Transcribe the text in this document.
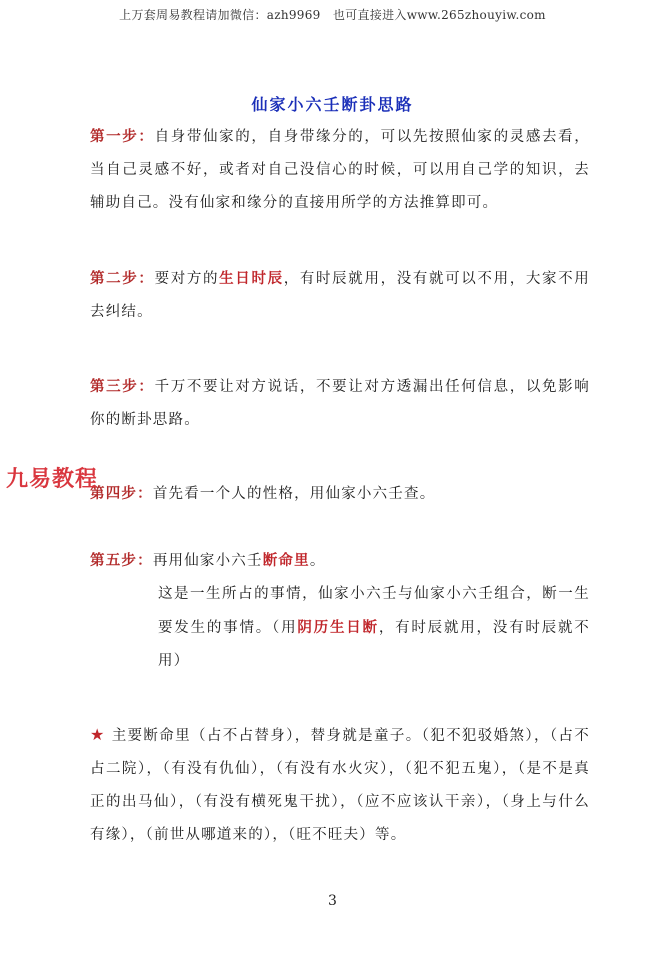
上万套周易教程请加微信：azh9969　也可直接进入www.265zhouyiw.com
仙家小六壬断卦思路
第一步：自身带仙家的，自身带缘分的，可以先按照仙家的灵感去看，当自己灵感不好，或者对自己没信心的时候，可以用自己学的知识，去辅助自己。没有仙家和缘分的直接用所学的方法推算即可。
第二步：要对方的生日时辰，有时辰就用，没有就可以不用，大家不用去纠结。
第三步：千万不要让对方说话，不要让对方透漏出任何信息，以免影响你的断卦思路。
第四步：首先看一个人的性格，用仙家小六壬查。
九易教程
第五步：再用仙家小六壬断命里。
这是一生所占的事情，仙家小六壬与仙家小六壬组合，断一生要发生的事情。（用阴历生日断，有时辰就用，没有时辰就不用）
★ 主要断命里（占不占替身），替身就是童子。（犯不犯驳婚煞），（占不占二院），（有没有仇仙），（有没有水火灾），（犯不犯五鬼），（是不是真正的出马仙），（有没有横死鬼干扰），（应不应该认干亲），（身上与什么有缘），（前世从哪道来的），（旺不旺夫）等。
3
